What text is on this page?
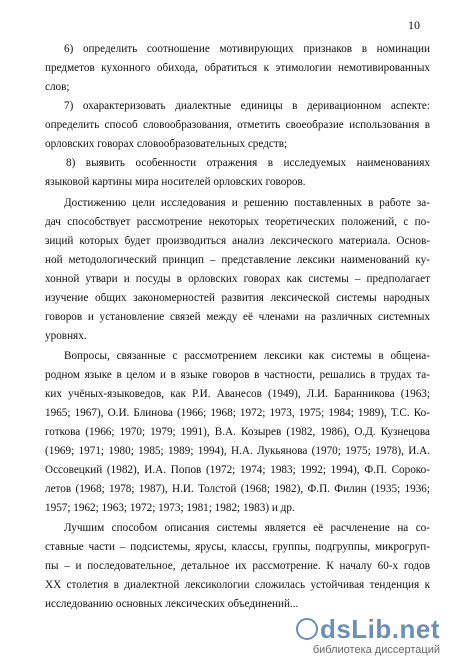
10
6) определить соотношение мотивирующих признаков в номинации
предметов кухонного обихода, обратиться к этимологии немотивированных
слов;
7) охарактеризовать диалектные единицы в деривационном аспекте:
определить способ словообразования, отметить своеобразие использования в
орловских говорах словообразовательных средств;
8) выявить особенности отражения в исследуемых наименованиях
языковой картины мира носителей орловских говоров.
Достижению цели исследования и решению поставленных в работе за-
дач способствует рассмотрение некоторых теоретических положений, с по-
зиций которых будет производиться анализ лексического материала. Основ-
ной методологический принцип – представление лексики наименований ку-
хонной утвари и посуды в орловских говорах как системы – предполагает
изучение общих закономерностей развития лексической системы народных
говоров и установление связей между её членами на различных системных
уровнях.
Вопросы, связанные с рассмотрением лексики как системы в общена-
родном языке в целом и в языке говоров в частности, решались в трудах та-
ких учёных-языковедов, как Р.И. Аванесов (1949), Л.И. Баранникова (1963;
1965; 1967), О.И. Блинова (1966; 1968; 1972; 1973, 1975; 1984; 1989), Т.С. Ко-
готкова (1966; 1970; 1979; 1991), В.А. Козырев (1982, 1986), О.Д. Кузнецова
(1969; 1971; 1980; 1985; 1989; 1994), Н.А. Лукьянова (1970; 1975; 1978), И.А.
Оссовецкий (1982), И.А. Попов (1972; 1974; 1983; 1992; 1994), Ф.П. Сороко-
летов (1968; 1978; 1987), Н.И. Толстой (1968; 1982), Ф.П. Филин (1935; 1936;
1957; 1962; 1963; 1972; 1973; 1981; 1982; 1983) и др.
Лучшим способом описания системы является её расчленение на со-
ставные части – подсистемы, ярусы, классы, группы, подгруппы, микрогруп-
пы – и последовательное, детальное их рассмотрение. К началу 60-х годов
XX столетия в диалектной лексикологии сложилась устойчивая тенденция к
исследованию основных лексических объединений...
dsLib.net
библиотека диссертаций
